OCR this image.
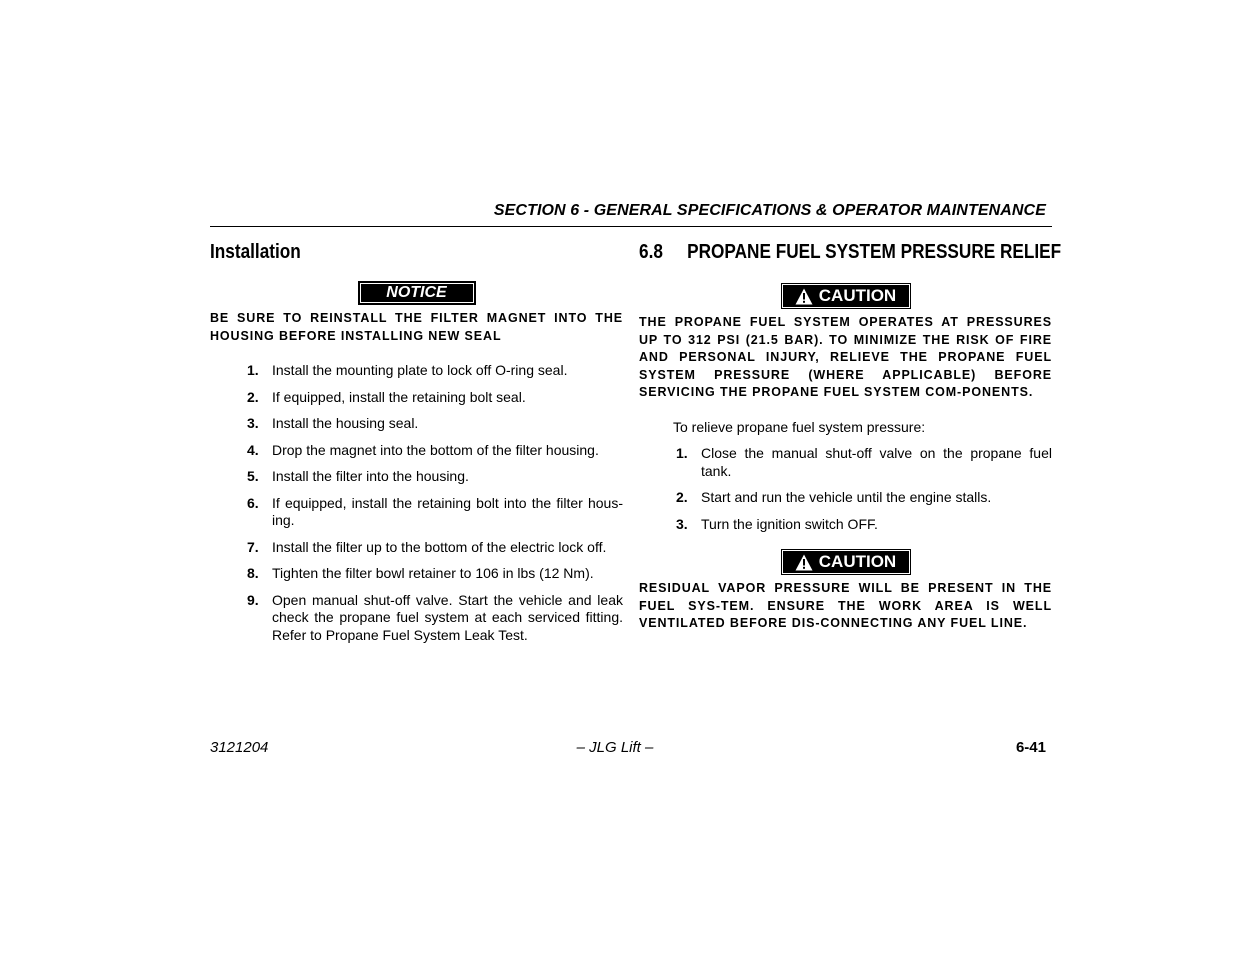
SECTION 6 - GENERAL SPECIFICATIONS & OPERATOR MAINTENANCE
Installation
NOTICE
BE SURE TO REINSTALL THE FILTER MAGNET INTO THE HOUSING BEFORE INSTALLING NEW SEAL
1. Install the mounting plate to lock off O-ring seal.
2. If equipped, install the retaining bolt seal.
3. Install the housing seal.
4. Drop the magnet into the bottom of the filter housing.
5. Install the filter into the housing.
6. If equipped, install the retaining bolt into the filter hous-ing.
7. Install the filter up to the bottom of the electric lock off.
8. Tighten the filter bowl retainer to 106 in lbs (12 Nm).
9. Open manual shut-off valve. Start the vehicle and leak check the propane fuel system at each serviced fitting. Refer to Propane Fuel System Leak Test.
6.8 PROPANE FUEL SYSTEM PRESSURE RELIEF
CAUTION
THE PROPANE FUEL SYSTEM OPERATES AT PRESSURES UP TO 312 PSI (21.5 BAR). TO MINIMIZE THE RISK OF FIRE AND PERSONAL INJURY, RELIEVE THE PROPANE FUEL SYSTEM PRESSURE (WHERE APPLICABLE) BEFORE SERVICING THE PROPANE FUEL SYSTEM COM-PONENTS.
To relieve propane fuel system pressure:
1. Close the manual shut-off valve on the propane fuel tank.
2. Start and run the vehicle until the engine stalls.
3. Turn the ignition switch OFF.
CAUTION
RESIDUAL VAPOR PRESSURE WILL BE PRESENT IN THE FUEL SYS-TEM. ENSURE THE WORK AREA IS WELL VENTILATED BEFORE DIS-CONNECTING ANY FUEL LINE.
3121204	– JLG Lift –	6-41
